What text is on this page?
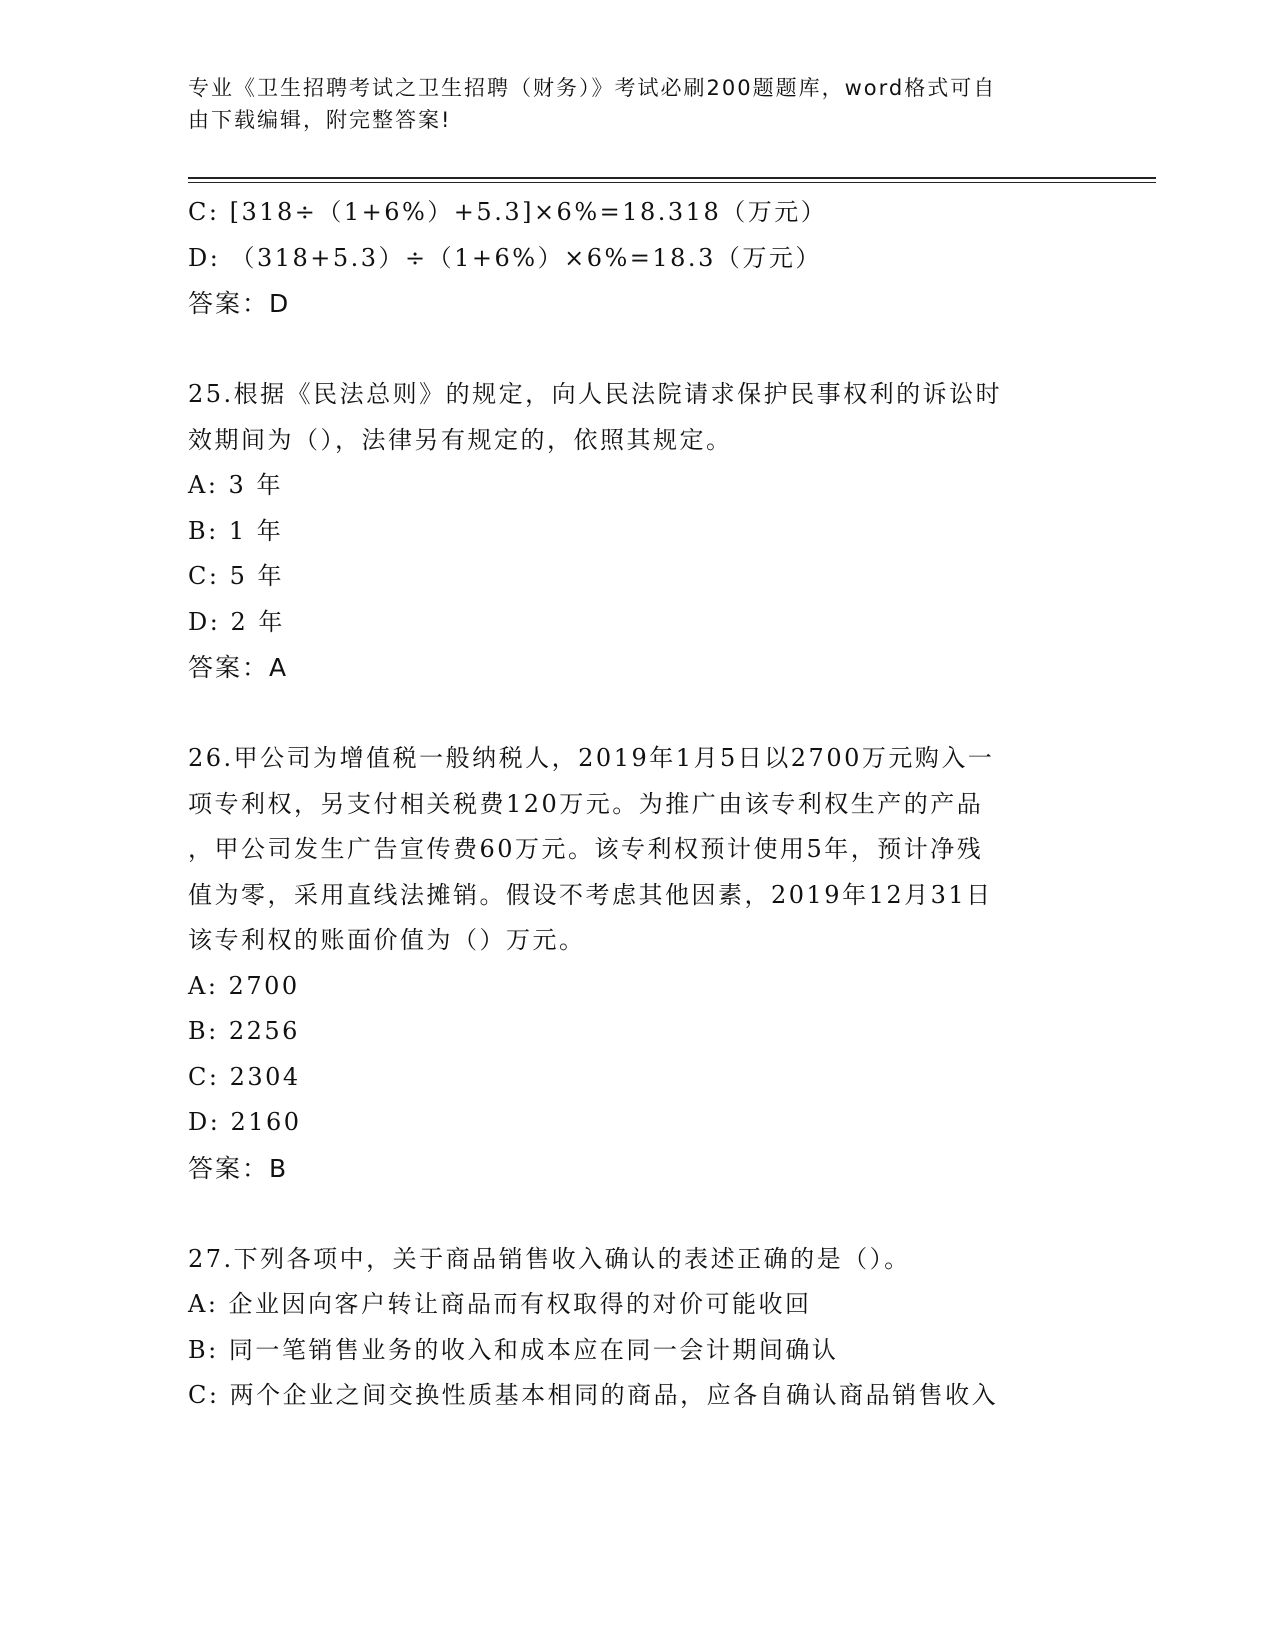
专业《卫生招聘考试之卫生招聘（财务）》考试必刷200题题库，word格式可自
由下载编辑，附完整答案!
C: [318÷（1+6%）+5.3]×6%=18.318（万元）
D: （318+5.3）÷（1+6%）×6%=18.3（万元）
答案：D
25.根据《民法总则》的规定，向人民法院请求保护民事权利的诉讼时
效期间为（），法律另有规定的，依照其规定。
A: 3 年
B: 1 年
C: 5 年
D: 2 年
答案：A
26.甲公司为增值税一般纳税人，2019年1月5日以2700万元购入一
项专利权，另支付相关税费120万元。为推广由该专利权生产的产品
，甲公司发生广告宣传费60万元。该专利权预计使用5年，预计净残
值为零，采用直线法摊销。假设不考虑其他因素，2019年12月31日
该专利权的账面价值为（）万元。
A: 2700
B: 2256
C: 2304
D: 2160
答案：B
27.下列各项中，关于商品销售收入确认的表述正确的是（）。
A: 企业因向客户转让商品而有权取得的对价可能收回
B: 同一笔销售业务的收入和成本应在同一会计期间确认
C: 两个企业之间交换性质基本相同的商品，应各自确认商品销售收入
